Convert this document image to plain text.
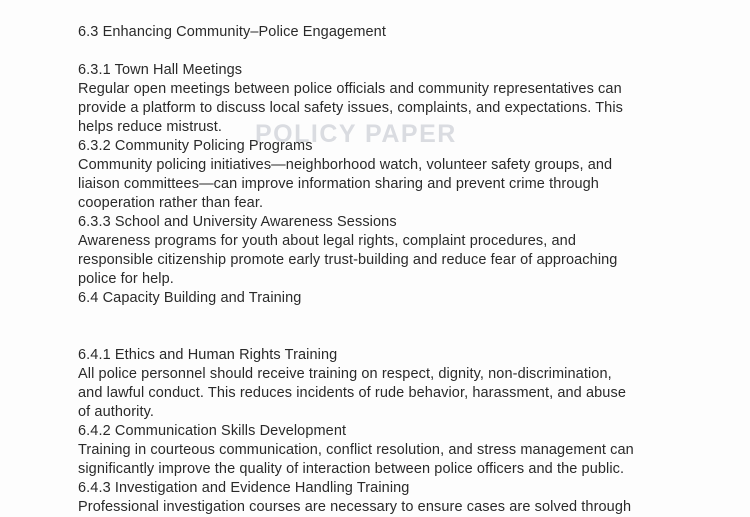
POLICY PAPER
6.3 Enhancing Community–Police Engagement
6.3.1 Town Hall Meetings
Regular open meetings between police officials and community representatives can
provide a platform to discuss local safety issues, complaints, and expectations. This
helps reduce mistrust.
6.3.2 Community Policing Programs
Community policing initiatives—neighborhood watch, volunteer safety groups, and
liaison committees—can improve information sharing and prevent crime through
cooperation rather than fear.
6.3.3 School and University Awareness Sessions
Awareness programs for youth about legal rights, complaint procedures, and
responsible citizenship promote early trust-building and reduce fear of approaching
police for help.
6.4 Capacity Building and Training
6.4.1 Ethics and Human Rights Training
All police personnel should receive training on respect, dignity, non-discrimination,
and lawful conduct. This reduces incidents of rude behavior, harassment, and abuse
of authority.
6.4.2 Communication Skills Development
Training in courteous communication, conflict resolution, and stress management can
significantly improve the quality of interaction between police officers and the public.
6.4.3 Investigation and Evidence Handling Training
Professional investigation courses are necessary to ensure cases are solved through
